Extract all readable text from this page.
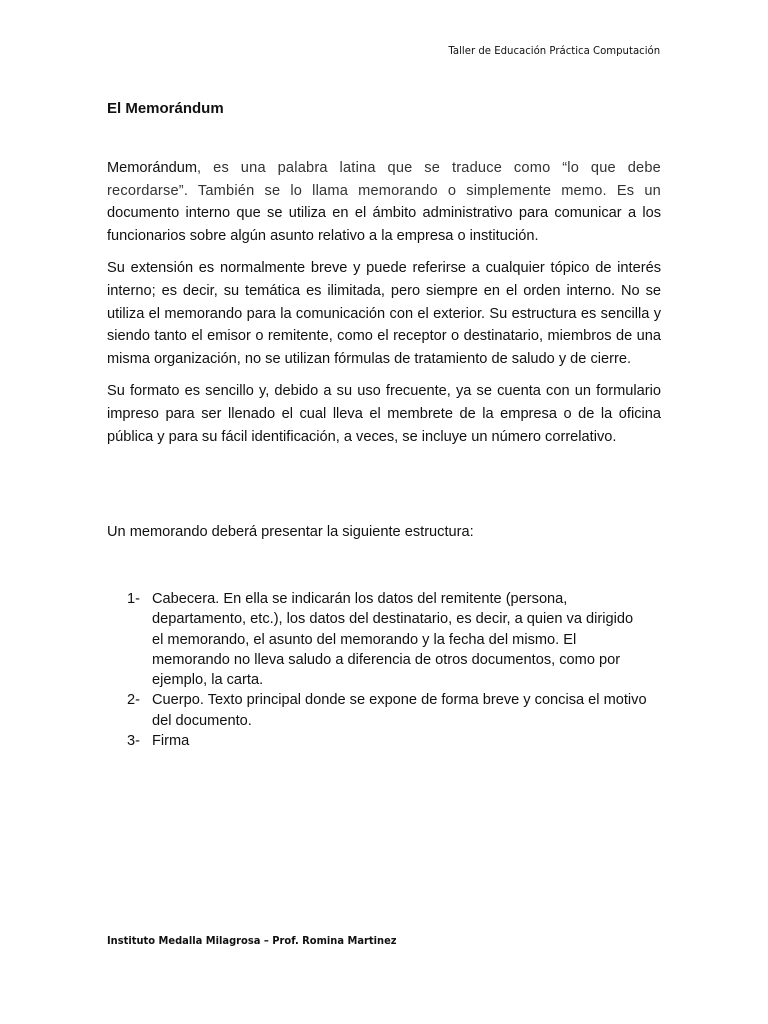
Taller de Educación Práctica Computación
El Memorándum

Memorándum, es una palabra latina que se traduce como “lo que debe recordarse”. También se lo llama memorando o simplemente memo. Es un documento interno que se utiliza en el ámbito administrativo para comunicar a los funcionarios sobre algún asunto relativo a la empresa o institución.

Su extensión es normalmente breve y puede referirse a cualquier tópico de interés interno; es decir, su temática es ilimitada, pero siempre en el orden interno. No se utiliza el memorando para la comunicación con el exterior. Su estructura es sencilla y siendo tanto el emisor o remitente, como el receptor o destinatario, miembros de una misma organización, no se utilizan fórmulas de tratamiento de saludo y de cierre.

Su formato es sencillo y, debido a su uso frecuente, ya se cuenta con un formulario impreso para ser llenado el cual lleva el membrete de la empresa o de la oficina pública y para su fácil identificación, a veces, se incluye un número correlativo.

Un memorando deberá presentar la siguiente estructura:
1- Cabecera. En ella se indicarán los datos del remitente (persona, departamento, etc.), los datos del destinatario, es decir, a quien va dirigido el memorando, el asunto del memorando y la fecha del mismo. El memorando no lleva saludo a diferencia de otros documentos, como por ejemplo, la carta.
2- Cuerpo. Texto principal donde se expone de forma breve y concisa el motivo del documento.
3- Firma
Instituto Medalla Milagrosa – Prof. Romina Martinez
